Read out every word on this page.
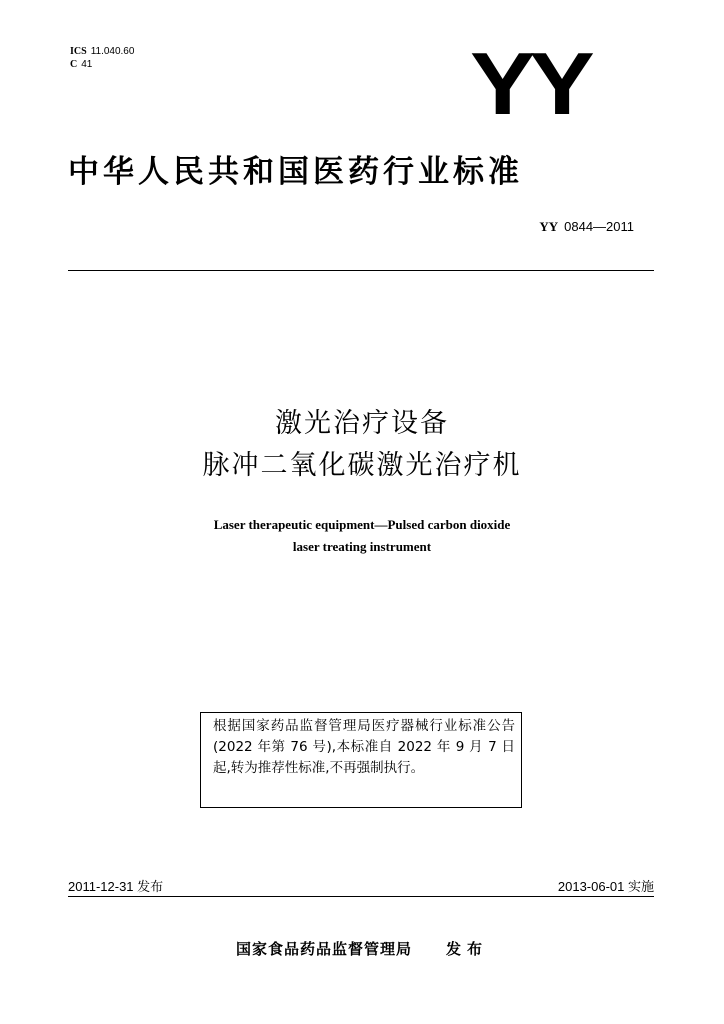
ICS 11.040.60
C 41	YY
中华人民共和国医药行业标准
YY 0844—2011
激光治疗设备
脉冲二氧化碳激光治疗机
Laser therapeutic equipment—Pulsed carbon dioxide
laser treating instrument
根据国家药品监督管理局医疗器械行业标准公告(2022 年第 76 号),本标准自 2022 年 9 月 7 日起,转为推荐性标准,不再强制执行。
2011-12-31 发布	2013-06-01 实施
国家食品药品监督管理局 发布
